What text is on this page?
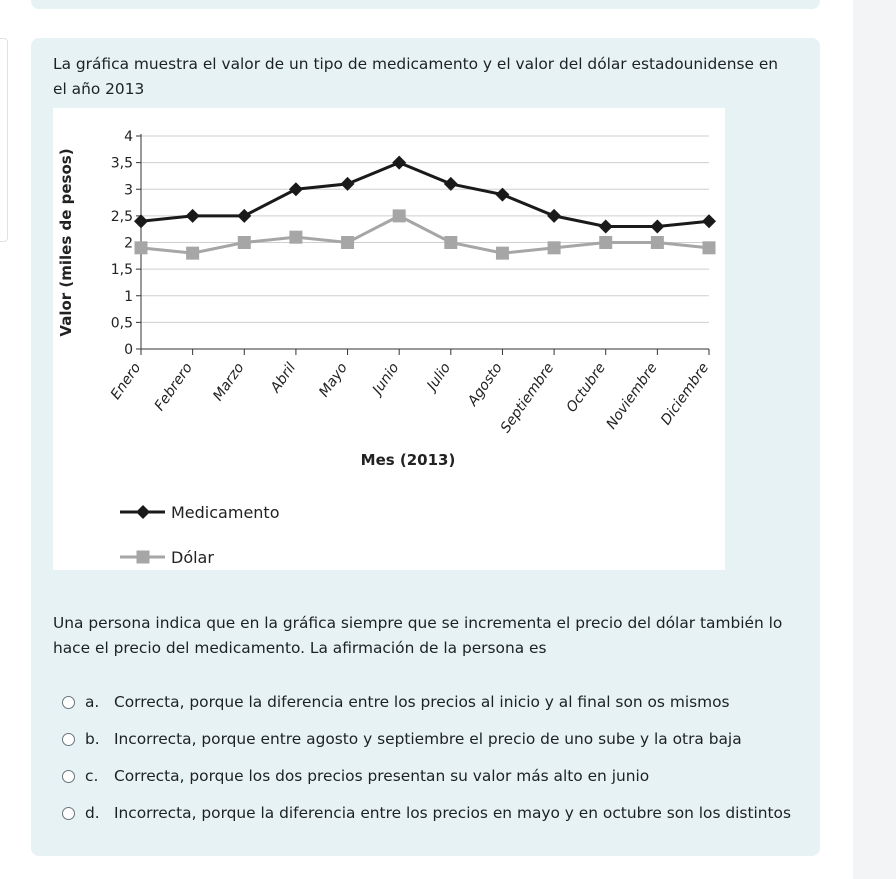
La gráfica muestra el valor de un tipo de medicamento y el valor del dólar estadounidense en el año 2013
0
0,5
1
1,5
2
2,5
3
3,5
4
Enero Febrero Marzo Abril Mayo Junio Julio Agosto
Septiembre Octubre
Noviembre
Diciembre
Valor (miles de pesos)
Mes (2013)
Medicamento
Dólar
Una persona indica que en la gráfica siempre que se incrementa el precio del dólar también lo hace el precio del medicamento. La afirmación de la persona es
a. Correcta, porque la diferencia entre los precios al inicio y al final son os mismos
b. Incorrecta, porque entre agosto y septiembre el precio de uno sube y la otra baja
c.	Correcta, porque los dos precios presentan su valor más alto en junio
d. Incorrecta, porque la diferencia entre los precios en mayo y en octubre son los distintos
